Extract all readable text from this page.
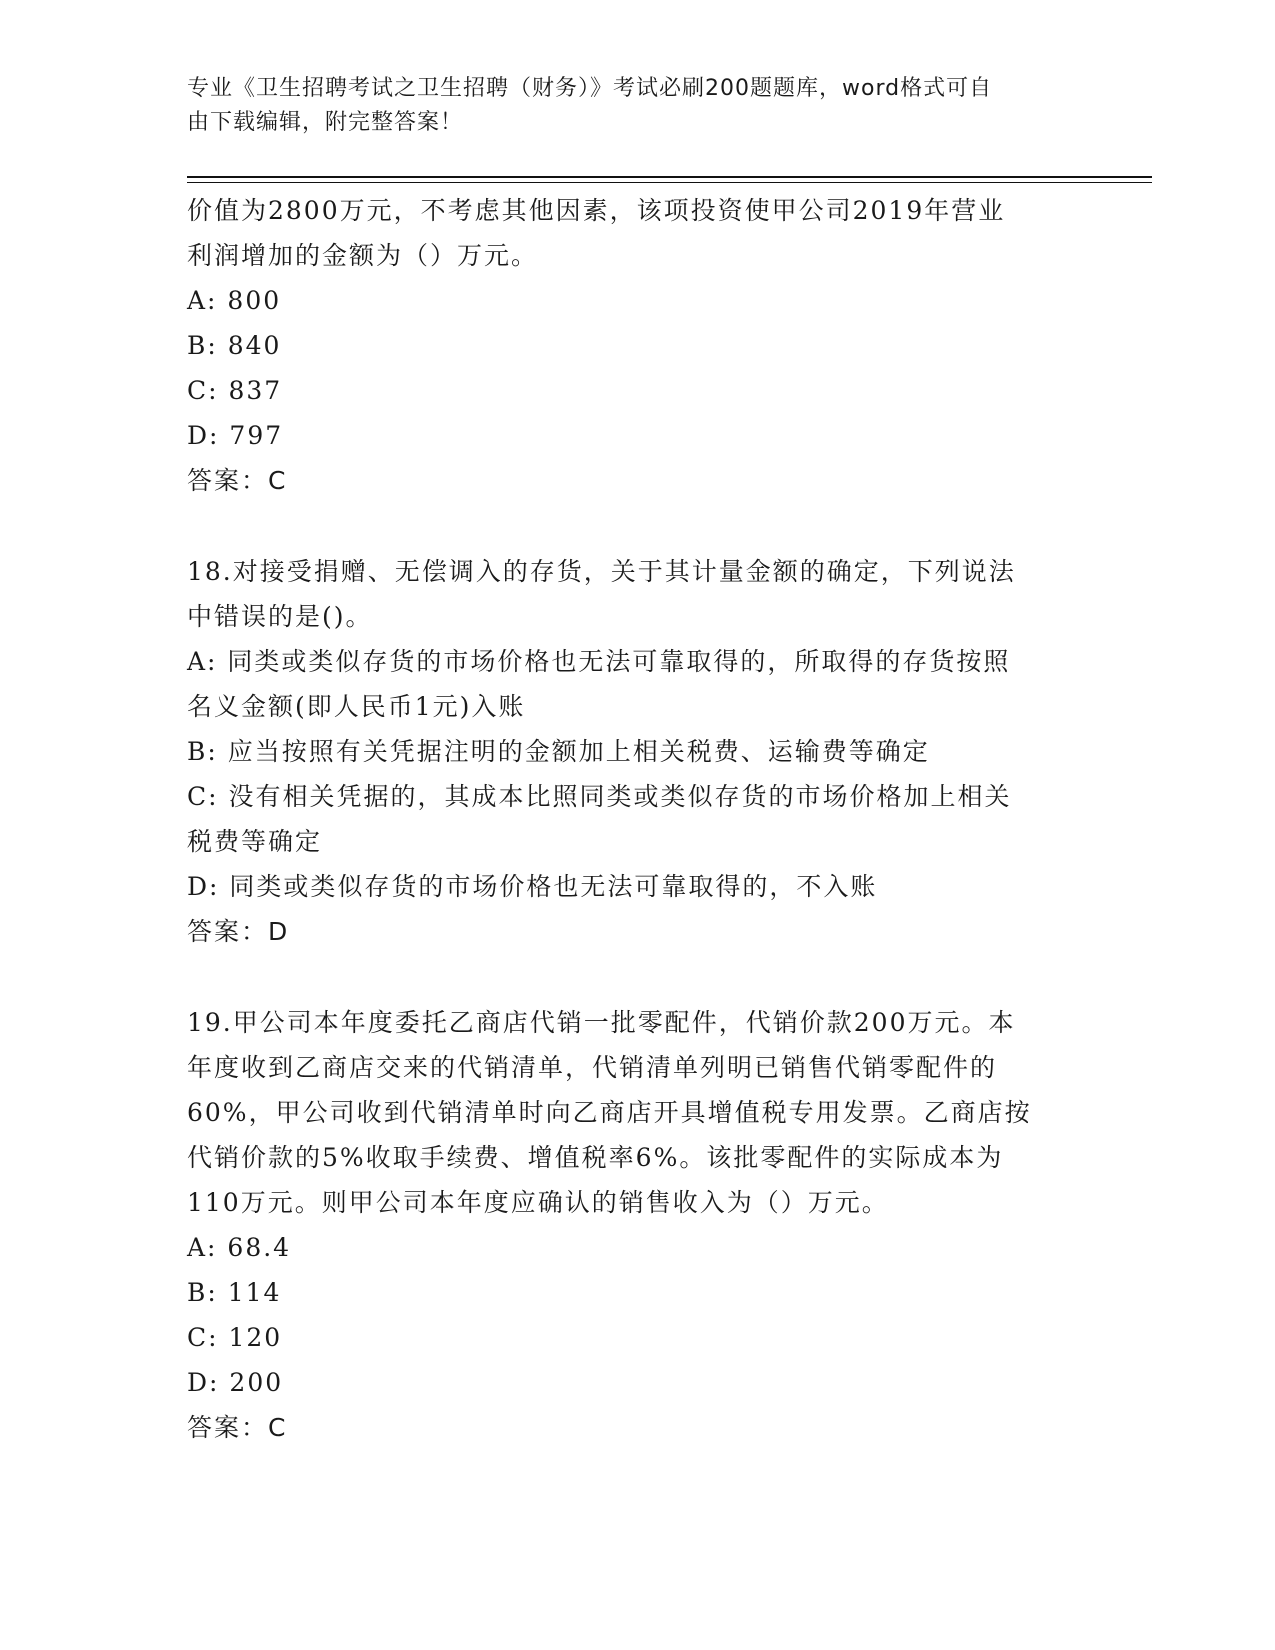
专业《卫生招聘考试之卫生招聘（财务）》考试必刷200题题库，word格式可自
由下载编辑，附完整答案！
价值为2800万元，不考虑其他因素，该项投资使甲公司2019年营业
利润增加的金额为（）万元。
A: 800
B: 840
C: 837
D: 797
答案：C
18.对接受捐赠、无偿调入的存货，关于其计量金额的确定，下列说法
中错误的是()。
A: 同类或类似存货的市场价格也无法可靠取得的，所取得的存货按照
名义金额(即人民币1元)入账
B: 应当按照有关凭据注明的金额加上相关税费、运输费等确定
C: 没有相关凭据的，其成本比照同类或类似存货的市场价格加上相关
税费等确定
D: 同类或类似存货的市场价格也无法可靠取得的，不入账
答案：D
19.甲公司本年度委托乙商店代销一批零配件，代销价款200万元。本
年度收到乙商店交来的代销清单，代销清单列明已销售代销零配件的
60%，甲公司收到代销清单时向乙商店开具增值税专用发票。乙商店按
代销价款的5%收取手续费、增值税率6%。该批零配件的实际成本为
110万元。则甲公司本年度应确认的销售收入为（）万元。
A: 68.4
B: 114
C: 120
D: 200
答案：C
